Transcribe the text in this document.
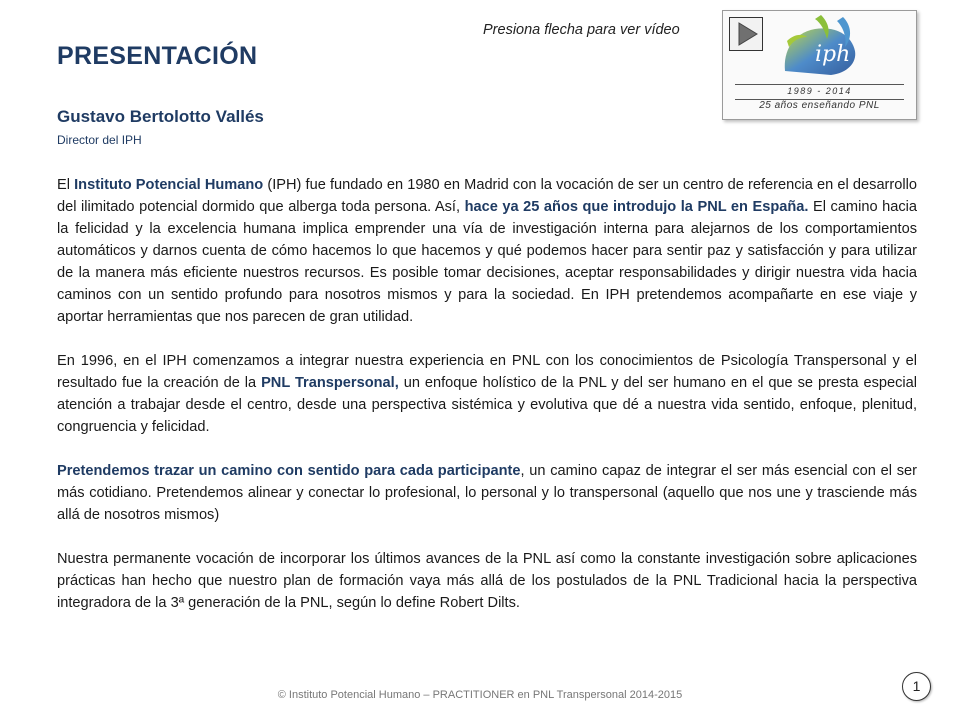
Presiona flecha para ver vídeo
iph
1989 - 2014
25 años enseñando PNL
PRESENTACIÓN
Gustavo Bertolotto Vallés
Director del IPH

El Instituto Potencial Humano (IPH) fue fundado en 1980 en Madrid con la vocación de ser un centro de referencia en el desarrollo del ilimitado potencial dormido que alberga toda persona. Así, hace ya 25 años que introdujo la PNL en España. El camino hacia la felicidad y la excelencia humana implica emprender una vía de investigación interna para alejarnos de los comportamientos automáticos y darnos cuenta de cómo hacemos lo que hacemos y qué podemos hacer para sentir paz y satisfacción y para utilizar de la manera más eficiente nuestros recursos. Es posible tomar decisiones, aceptar responsabilidades y dirigir nuestra vida hacia caminos con un sentido profundo para nosotros mismos y para la sociedad. En IPH pretendemos acompañarte en ese viaje y aportar herramientas que nos parecen de gran utilidad.

En 1996, en el IPH comenzamos a integrar nuestra experiencia en PNL con los conocimientos de Psicología Transpersonal y el resultado fue la creación de la PNL Transpersonal, un enfoque holístico de la PNL y del ser humano en el que se presta especial atención a trabajar desde el centro, desde una perspectiva sistémica y evolutiva que dé a nuestra vida sentido, enfoque, plenitud, congruencia y felicidad.

Pretendemos trazar un camino con sentido para cada participante, un camino capaz de integrar el ser más esencial con el ser más cotidiano. Pretendemos alinear y conectar lo profesional, lo personal y lo transpersonal (aquello que nos une y trasciende más allá de nosotros mismos)

Nuestra permanente vocación de incorporar los últimos avances de la PNL así como la constante investigación sobre aplicaciones prácticas han hecho que nuestro plan de formación vaya más allá de los postulados de la PNL Tradicional hacia la perspectiva integradora de la 3ª generación de la PNL, según lo define Robert Dilts.

© Instituto Potencial Humano – PRACTITIONER en PNL Transpersonal 2014-2015
1
